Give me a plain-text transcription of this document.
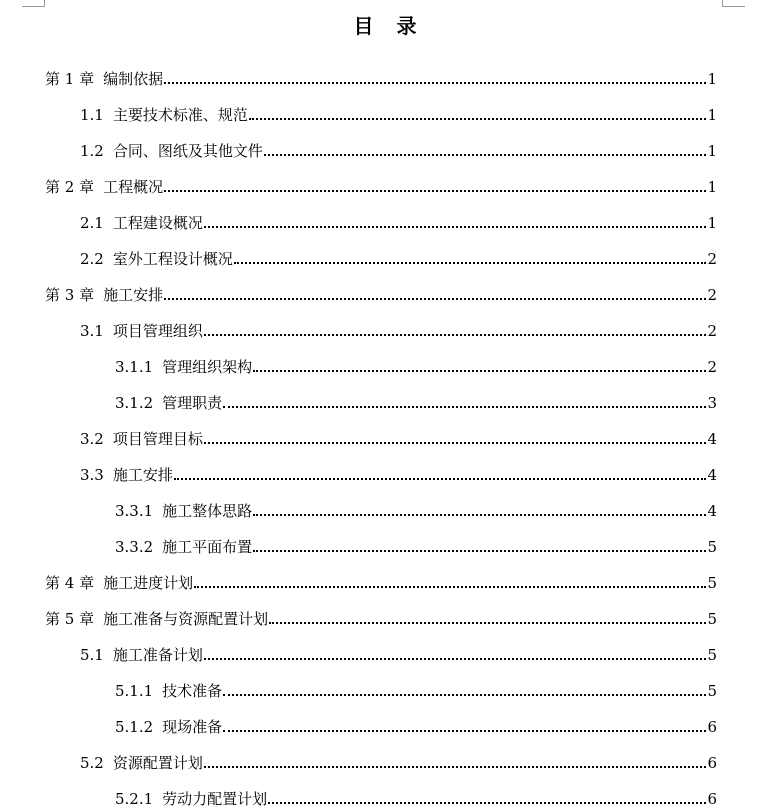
目 录
第 1 章 编制依据	1
1.1 主要技术标准、规范	1
1.2 合同、图纸及其他文件	1
第 2 章 工程概况	1
2.1 工程建设概况	1
2.2 室外工程设计概况	2
第 3 章 施工安排	2
3.1 项目管理组织	2
3.1.1 管理组织架构	2
3.1.2 管理职责	3
3.2 项目管理目标	4
3.3 施工安排	4
3.3.1 施工整体思路	4
3.3.2 施工平面布置	5
第 4 章 施工进度计划	5
第 5 章 施工准备与资源配置计划	5
5.1 施工准备计划	5
5.1.1 技术准备	5
5.1.2 现场准备	6
5.2 资源配置计划	6
5.2.1 劳动力配置计划	6
